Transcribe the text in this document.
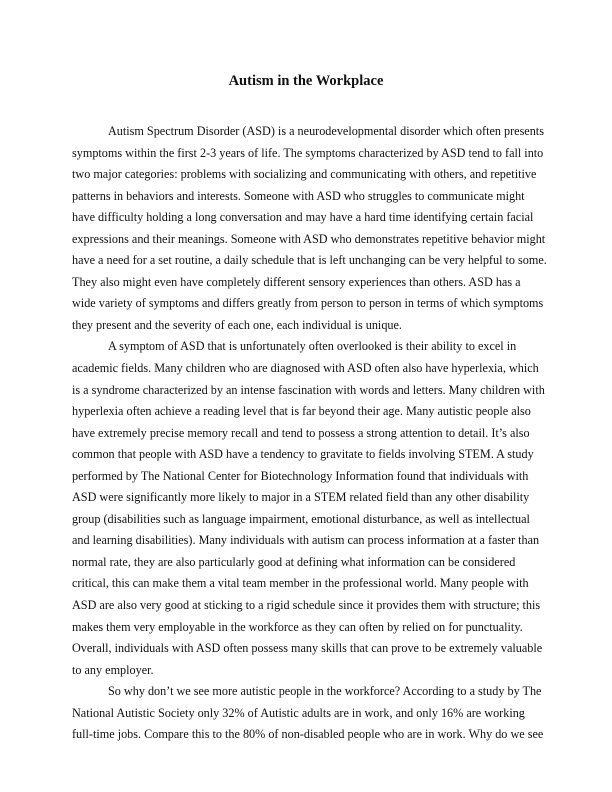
Autism in the Workplace
Autism Spectrum Disorder (ASD) is a neurodevelopmental disorder which often presents
symptoms within the first 2-3 years of life. The symptoms characterized by ASD tend to fall into
two major categories: problems with socializing and communicating with others, and repetitive
patterns in behaviors and interests. Someone with ASD who struggles to communicate might
have difficulty holding a long conversation and may have a hard time identifying certain facial
expressions and their meanings. Someone with ASD who demonstrates repetitive behavior might
have a need for a set routine, a daily schedule that is left unchanging can be very helpful to some.
They also might even have completely different sensory experiences than others. ASD has a
wide variety of symptoms and differs greatly from person to person in terms of which symptoms
they present and the severity of each one, each individual is unique.
A symptom of ASD that is unfortunately often overlooked is their ability to excel in
academic fields. Many children who are diagnosed with ASD often also have hyperlexia, which
is a syndrome characterized by an intense fascination with words and letters. Many children with
hyperlexia often achieve a reading level that is far beyond their age. Many autistic people also
have extremely precise memory recall and tend to possess a strong attention to detail. It’s also
common that people with ASD have a tendency to gravitate to fields involving STEM. A study
performed by The National Center for Biotechnology Information found that individuals with
ASD were significantly more likely to major in a STEM related field than any other disability
group (disabilities such as language impairment, emotional disturbance, as well as intellectual
and learning disabilities). Many individuals with autism can process information at a faster than
normal rate, they are also particularly good at defining what information can be considered
critical, this can make them a vital team member in the professional world. Many people with
ASD are also very good at sticking to a rigid schedule since it provides them with structure; this
makes them very employable in the workforce as they can often by relied on for punctuality.
Overall, individuals with ASD often possess many skills that can prove to be extremely valuable
to any employer.
So why don’t we see more autistic people in the workforce? According to a study by The
National Autistic Society only 32% of Autistic adults are in work, and only 16% are working
full-time jobs. Compare this to the 80% of non-disabled people who are in work. Why do we see
